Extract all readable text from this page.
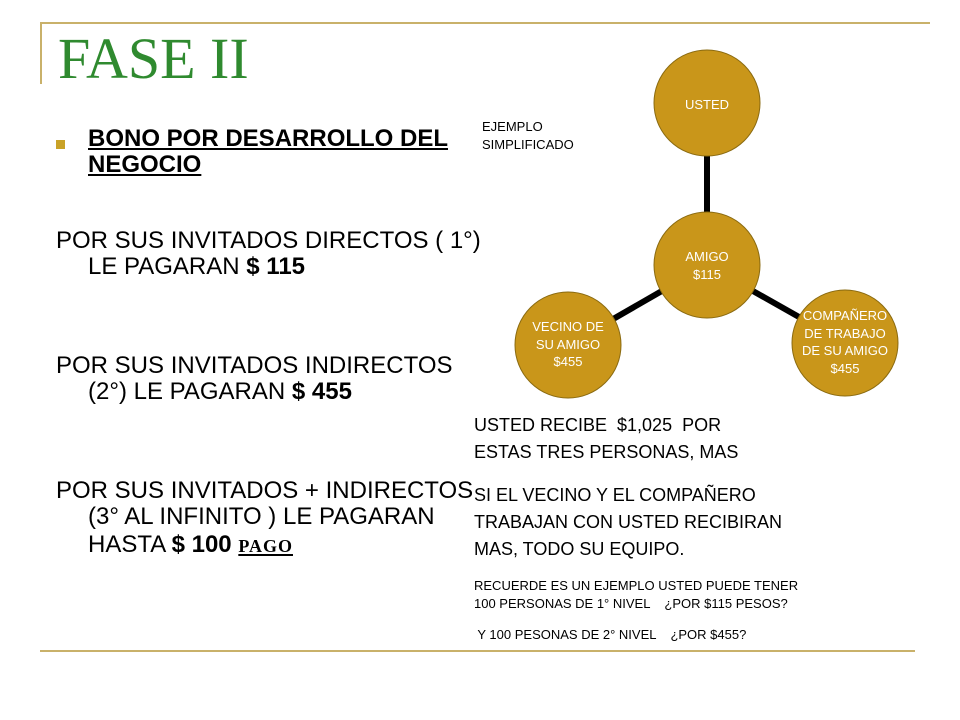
FASE II
BONO POR DESARROLLO DEL NEGOCIO
POR SUS INVITADOS DIRECTOS ( 1°) LE PAGARAN $ 115
POR SUS INVITADOS INDIRECTOS (2°) LE PAGARAN $ 455
POR SUS INVITADOS + INDIRECTOS (3° AL INFINITO ) LE PAGARAN HASTA $ 100 pago
EJEMPLO
SIMPLIFICADO
USTED
AMIGO
$115
VECINO DE
SU AMIGO
$455
COMPAÑERO
DE TRABAJO
DE SU AMIGO
$455
USTED RECIBE  $1,025  POR
ESTAS TRES PERSONAS, MAS
SI EL VECINO Y EL COMPAÑERO
TRABAJAN CON USTED RECIBIRAN
MAS, TODO SU EQUIPO.
RECUERDE ES UN EJEMPLO USTED PUEDE TENER
100 PERSONAS DE 1° NIVEL    ¿POR $115 PESOS?
Y 100 PESONAS DE 2° NIVEL    ¿POR $455?
